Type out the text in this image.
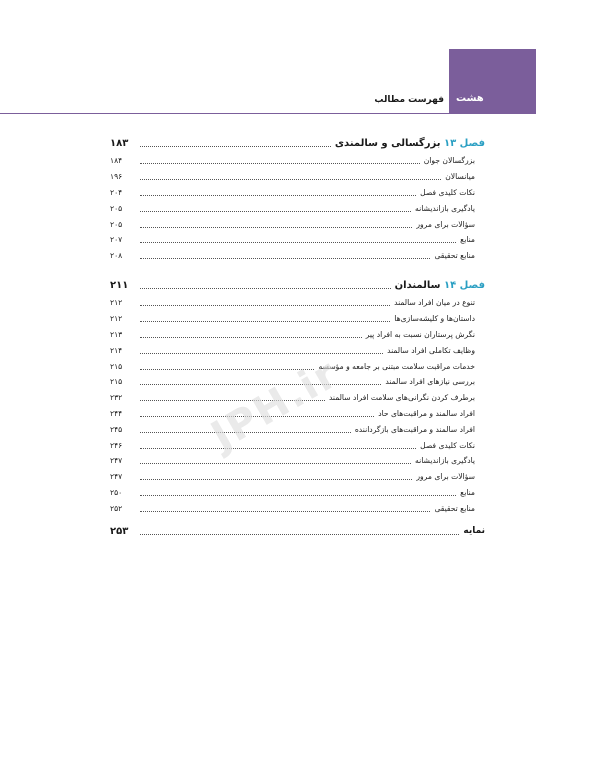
هشت
فهرست مطالب
فصل ۱۳ بزرگسالی و سالمندی
۱۸۳
بزرگسالان جوان
۱۸۴
میانسالان
۱۹۶
نکات کلیدی فصل
۲۰۴
یادگیری بازاندیشانه
۲۰۵
سؤالات برای مرور
۲۰۵
منابع
۲۰۷
منابع تحقیقی
۲۰۸
فصل ۱۴ سالمندان
۲۱۱
تنوع در میان افراد سالمند
۲۱۲
داستان‌ها و کلیشه‌سازی‌ها
۲۱۲
نگرش پرستاران نسبت به افراد پیر
۲۱۳
وظایف تکاملی افراد سالمند
۲۱۴
خدمات مراقبت سلامت مبتنی بر جامعه و مؤسسه
۲۱۵
بررسی نیازهای افراد سالمند
۲۱۵
برطرف کردن نگرانی‌های سلامت افراد سالمند
۲۳۲
افراد سالمند و مراقبت‌های حاد
۲۴۴
افراد سالمند و مراقبت‌های بازگرداننده
۲۴۵
نکات کلیدی فصل
۲۴۶
یادگیری بازاندیشانه
۲۴۷
سؤالات برای مرور
۲۴۷
منابع
۲۵۰
منابع تحقیقی
۲۵۲
نمایه
۲۵۳
JPH.ir
